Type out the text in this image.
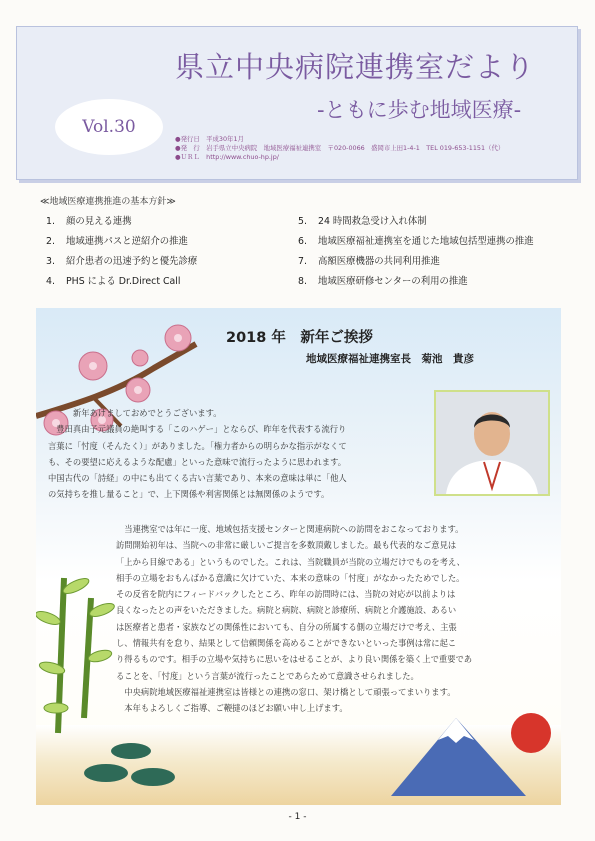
県立中央病院連携室だより
-ともに歩む地域医療-
Vol.30
●発行日　平成30年1月
●発　行　岩手県立中央病院　地域医療福祉連携室　〒020-0066　盛岡市上田1-4-1　TEL 019-653-1151（代）
●ＵＲＬ　http://www.chuo-hp.jp/
≪地域医療連携推進の基本方針≫
1. 顔の見える連携
2. 地域連携パスと逆紹介の推進
3. 紹介患者の迅速予約と優先診療
4. PHS による Dr.Direct Call
5. 24 時間救急受け入れ体制
6. 地域医療福祉連携室を通じた地域包括型連携の推進
7. 高額医療機器の共同利用推進
8. 地域医療研修センターの利用の推進
2018 年　新年ご挨拶
地域医療福祉連携室長　菊池　貴彦

　　　新年あけましておめでとうございます。

　豊田真由子元議員の絶叫する「このハゲー」とならび、昨年を代表する流行り

言葉に「忖度（そんたく）」がありました。「権力者からの明らかな指示がなくて

も、その要望に応えるような配慮」といった意味で流行ったように思われます。

中国古代の「詩経」の中にも出てくる古い言葉であり、本来の意味は単に「他人

の気持ちを推し量ること」で、上下関係や利害関係とは無関係のようです。

　当連携室では年に一度、地域包括支援センターと関連病院への訪問をおこなっております。

訪問開始初年は、当院への非常に厳しいご提言を多数頂戴しました。最も代表的なご意見は

「上から目線である」というものでした。これは、当院職員が当院の立場だけでものを考え、

相手の立場をおもんばかる意識に欠けていた、本来の意味の「忖度」がなかったためでした。

その反省を院内にフィードバックしたところ、昨年の訪問時には、当院の対応が以前よりは

良くなったとの声をいただきました。病院と病院、病院と診療所、病院と介護施設、あるい

は医療者と患者・家族などの関係性においても、自分の所属する側の立場だけで考え、主張

し、情報共有を怠り、結果として信頼関係を高めることができないといった事例は常に起こ

り得るものです。相手の立場や気持ちに思いをはせることが、より良い関係を築く上で重要であ

ることを、「忖度」という言葉が流行ったことであらためて意識させられました。

　中央病院地域医療福祉連携室は皆様との連携の窓口、架け橋として頑張ってまいります。

　本年もよろしくご指導、ご鞭撻のほどお願い申し上げます。

- 1 -
